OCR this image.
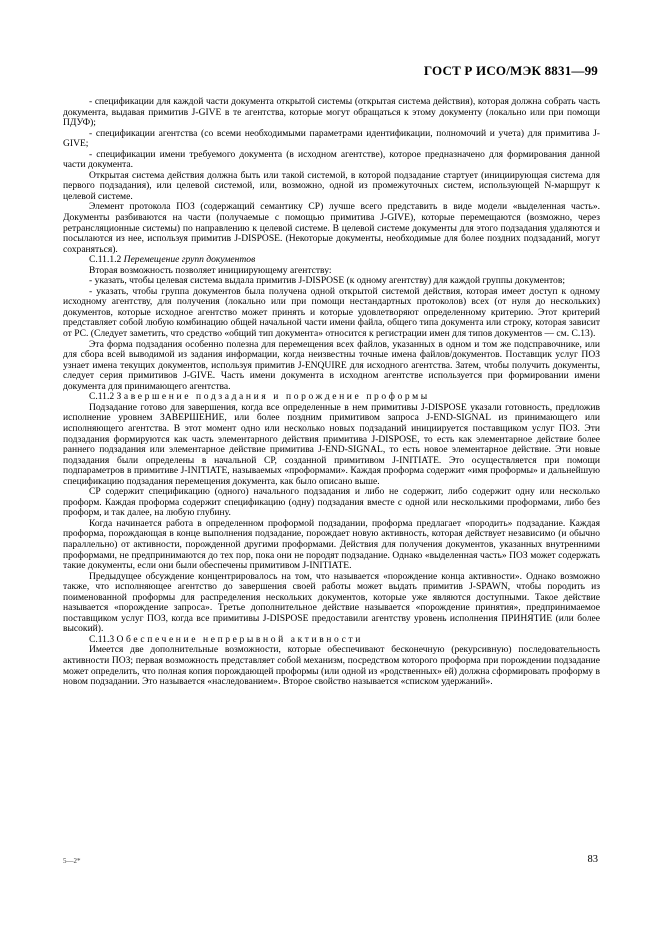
ГОСТ Р ИСО/МЭК 8831—99

- спецификации для каждой части документа открытой системы (открытая система действия), которая должна собрать часть документа, выдавая примитив J-GIVE в те агентства, которые могут обращаться к этому документу (локально или при помощи ПДУФ);

- спецификации агентства (со всеми необходимыми параметрами идентификации, полномочий и учета) для примитива J-GIVE;

- спецификации имени требуемого документа (в исходном агентстве), которое предназначено для формирования данной части документа.

Открытая система действия должна быть или такой системой, в которой подзадание стартует (инициирующая система для первого подзадания), или целевой системой, или, возможно, одной из промежуточных систем, использующей N-маршрут к целевой системе.

Элемент протокола ПОЗ (содержащий семантику СР) лучше всего представить в виде модели «выделенная часть». Документы разбиваются на части (получаемые с помощью примитива J-GIVE), которые перемещаются (возможно, через ретрансляционные системы) по направлению к целевой системе. В целевой системе документы для этого подзадания удаляются и посылаются из нее, используя примитив J-DISPOSE. (Некоторые документы, необходимые для более поздних подзаданий, могут сохраняться).

С.11.1.2 Перемещение групп документов

Вторая возможность позволяет инициирующему агентству:

- указать, чтобы целевая система выдала примитив J-DISPOSE (к одному агентству) для каждой группы документов;

- указать, чтобы группа документов была получена одной открытой системой действия, которая имеет доступ к одному исходному агентству, для получения (локально или при помощи нестандартных протоколов) всех (от нуля до нескольких) документов, которые исходное агентство может принять и которые удовлетворяют определенному критерию. Этот критерий представляет собой любую комбинацию общей начальной части имени файла, общего типа документа или строку, которая зависит от РС. (Следует заметить, что средство «общий тип документа» относится к регистрации имен для типов документов — см. С.13).

Эта форма подзадания особенно полезна для перемещения всех файлов, указанных в одном и том же подсправочнике, или для сбора всей выводимой из задания информации, когда неизвестны точные имена файлов/документов. Поставщик услуг ПОЗ узнает имена текущих документов, используя примитив J-ENQUIRE для исходного агентства. Затем, чтобы получить документы, следует серия примитивов J-GIVE. Часть имени документа в исходном агентстве используется при формировании имени документа для принимающего агентства.

С.11.2 Завершение подзадания и порождение проформы

Подзадание готово для завершения, когда все определенные в нем примитивы J-DISPOSE указали готовность, предложив исполнение уровнем ЗАВЕРШЕНИЕ, или более поздним примитивом запроса J-END-SIGNAL из принимающего или исполняющего агентства. В этот момент одно или несколько новых подзаданий инициируется поставщиком услуг ПОЗ. Эти подзадания формируются как часть элементарного действия примитива J-DISPOSE, то есть как элементарное действие более раннего подзадания или элементарное действие примитива J-END-SIGNAL, то есть новое элементарное действие. Эти новые подзадания были определены в начальной СР, созданной примитивом J-INITIATE. Это осуществляется при помощи подпараметров в примитиве J-INITIATE, называемых «проформами». Каждая проформа содержит «имя проформы» и дальнейшую спецификацию подзадания перемещения документа, как было описано выше.

СР содержит спецификацию (одного) начального подзадания и либо не содержит, либо содержит одну или несколько проформ. Каждая проформа содержит спецификацию (одну) подзадания вместе с одной или несколькими проформами, либо без проформ, и так далее, на любую глубину.

Когда начинается работа в определенном проформой подзадании, проформа предлагает «породить» подзадание. Каждая проформа, порождающая в конце выполнения подзадание, порождает новую активность, которая действует независимо (и обычно параллельно) от активности, порожденной другими проформами. Действия для получения документов, указанных внутренними проформами, не предпринимаются до тех пор, пока они не породят подзадание. Однако «выделенная часть» ПОЗ может содержать такие документы, если они были обеспечены примитивом J-INITIATE.

Предыдущее обсуждение концентрировалось на том, что называется «порождение конца активности». Однако возможно также, что исполняющее агентство до завершения своей работы может выдать примитив J-SPAWN, чтобы породить из поименованной проформы для распределения нескольких документов, которые уже являются доступными. Такое действие называется «порождение запроса». Третье дополнительное действие называется «порождение принятия», предпринимаемое поставщиком услуг ПОЗ, когда все примитивы J-DISPOSE предоставили агентству уровень исполнения ПРИНЯТИЕ (или более высокий).

С.11.3 Обеспечение непрерывной активности

Имеется две дополнительные возможности, которые обеспечивают бесконечную (рекурсивную) последовательность активности ПОЗ; первая возможность представляет собой механизм, посредством которого проформа при порождении подзадание может определить, что полная копия порождающей проформы (или одной из «родственных» ей) должна сформировать проформу в новом подзадании. Это называется «наследованием». Второе свойство называется «списком удержаний».

5—2*	83
